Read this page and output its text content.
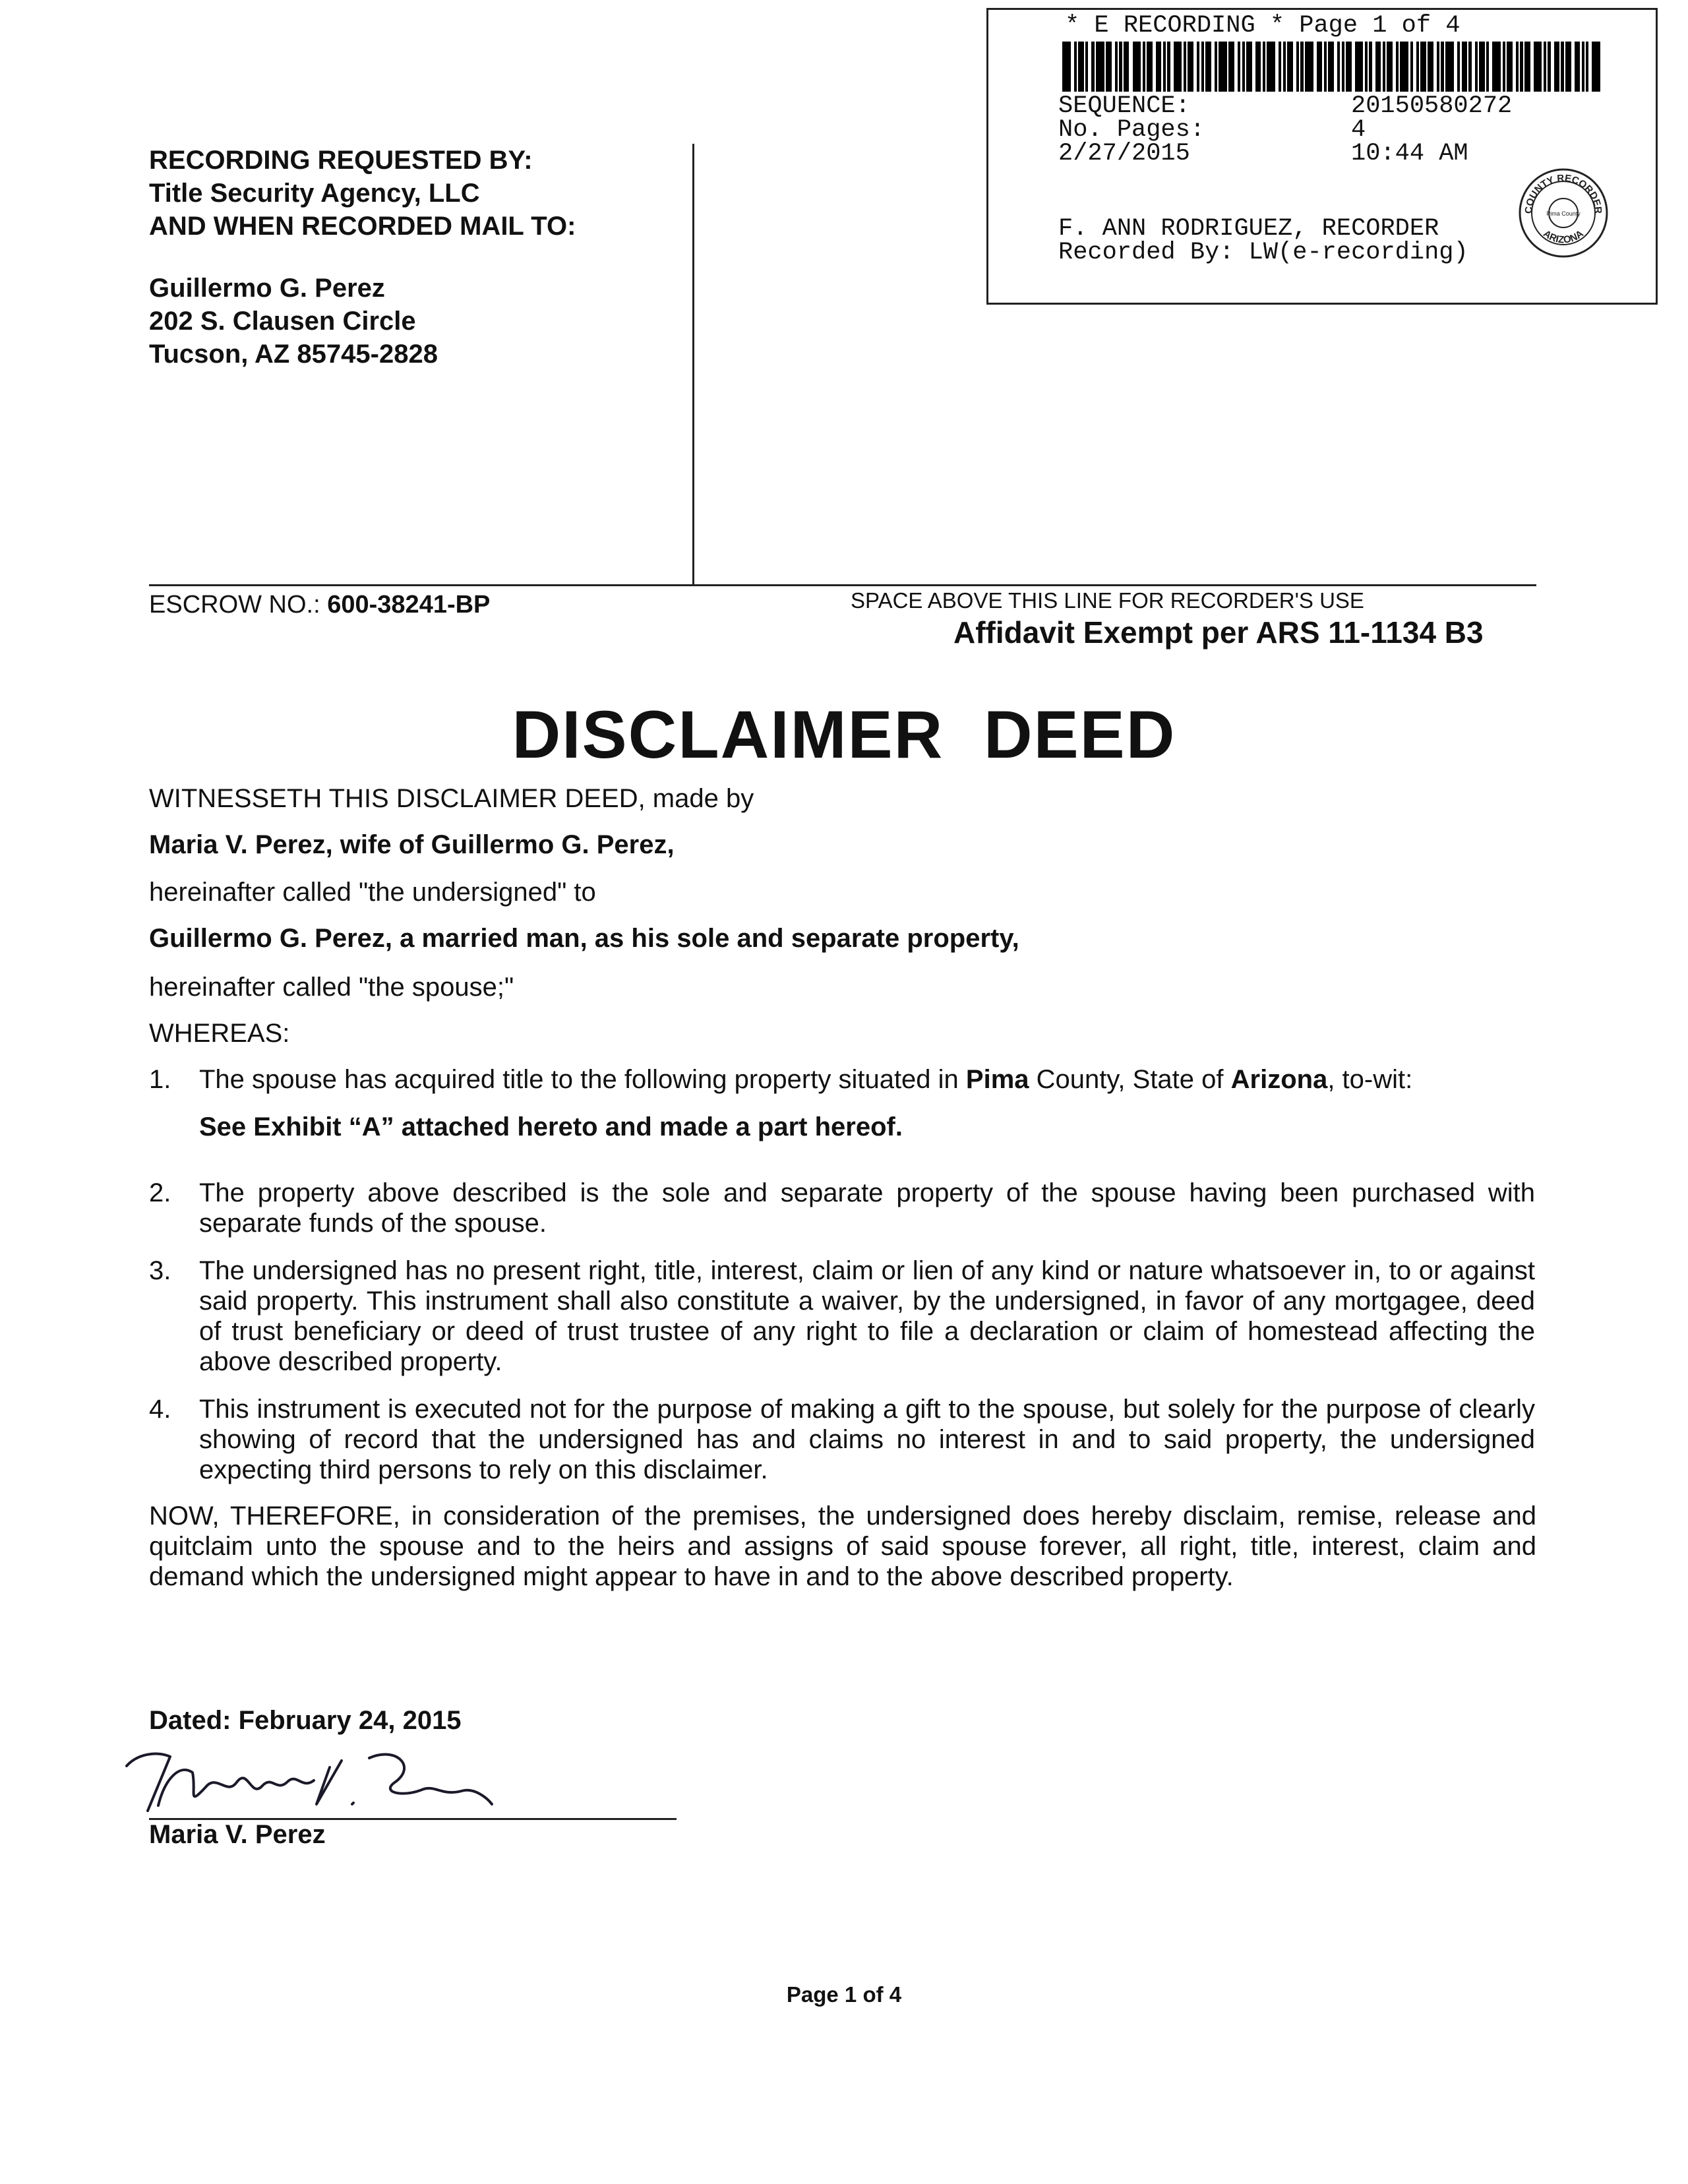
* E RECORDING * Page 1 of 4
SEQUENCE:	20150580272
No. Pages:	4
2/27/2015	10:44 AM
F. ANN RODRIGUEZ, RECORDER
Recorded By: LW(e-recording)
COUNTY RECORDER
ARIZONA
Pima County
RECORDING REQUESTED BY:
Title Security Agency, LLC
AND WHEN RECORDED MAIL TO:
Guillermo G. Perez
202 S. Clausen Circle
Tucson, AZ 85745-2828
ESCROW NO.: 600-38241-BP	SPACE ABOVE THIS LINE FOR RECORDER'S USE
Affidavit Exempt per ARS 11-1134 B3
DISCLAIMER  DEED
WITNESSETH THIS DISCLAIMER DEED, made by
Maria V. Perez, wife of Guillermo G. Perez,
hereinafter called "the undersigned" to
Guillermo G. Perez, a married man, as his sole and separate property,
hereinafter called "the spouse;"
WHEREAS:
1. The spouse has acquired title to the following property situated in Pima County, State of Arizona, to-wit:
See Exhibit “A” attached hereto and made a part hereof.
2. The property above described is the sole and separate property of the spouse having been purchased with separate funds of the spouse.
3. The undersigned has no present right, title, interest, claim or lien of any kind or nature whatsoever in, to or against said property. This instrument shall also constitute a waiver, by the undersigned, in favor of any mortgagee, deed of trust beneficiary or deed of trust trustee of any right to file a declaration or claim of homestead affecting the above described property.
4. This instrument is executed not for the purpose of making a gift to the spouse, but solely for the purpose of clearly showing of record that the undersigned has and claims no interest in and to said property, the undersigned expecting third persons to rely on this disclaimer.
NOW, THEREFORE, in consideration of the premises, the undersigned does hereby disclaim, remise, release and quitclaim unto the spouse and to the heirs and assigns of said spouse forever, all right, title, interest, claim and demand which the undersigned might appear to have in and to the above described property.
Dated: February 24, 2015
Maria V. Perez
Page 1 of 4
